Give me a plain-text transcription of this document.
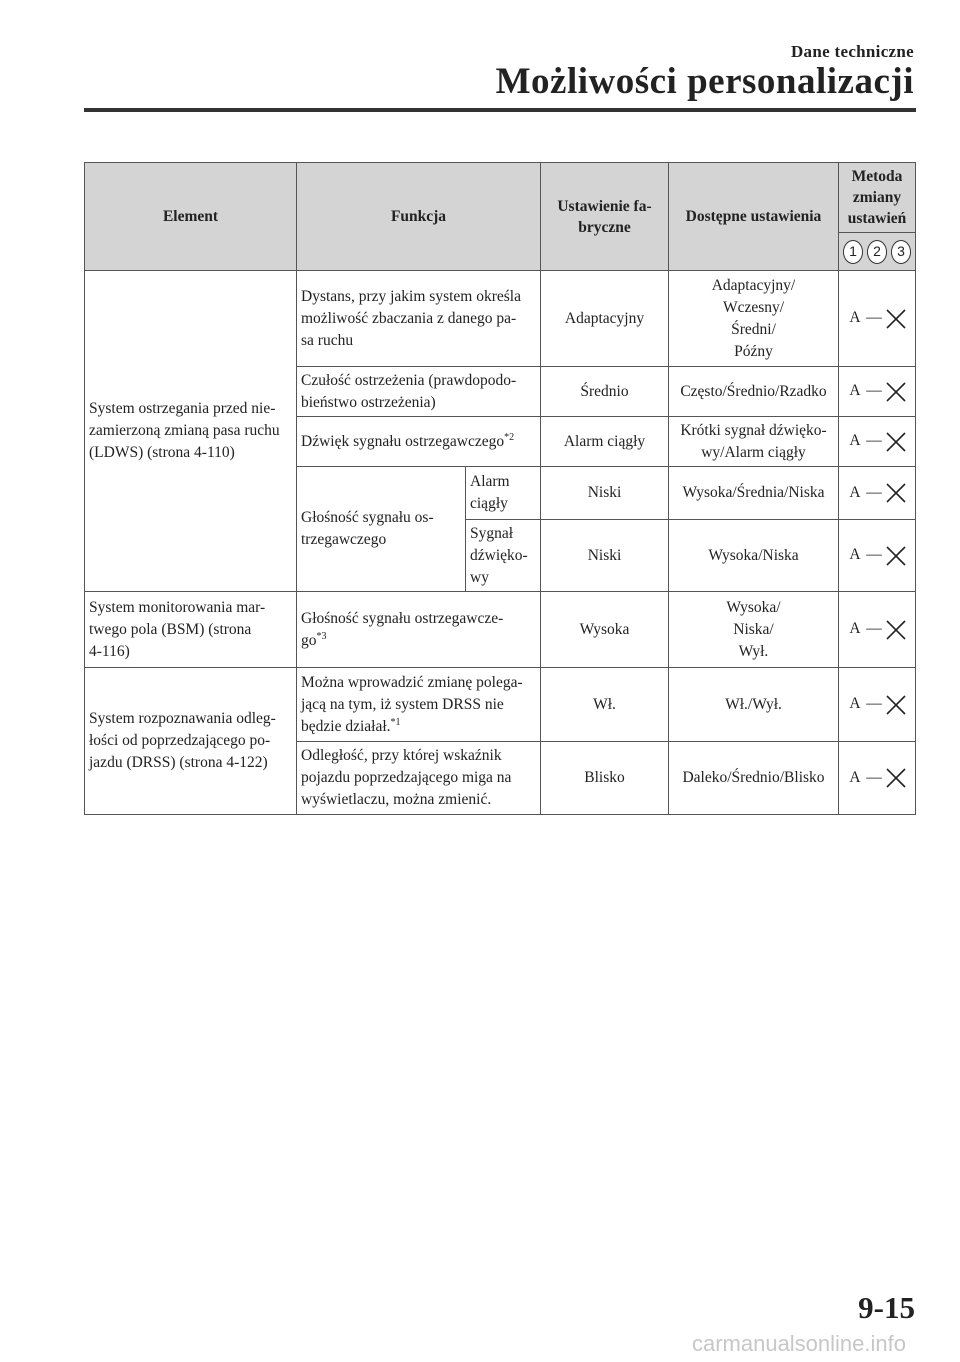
Dane techniczne
Możliwości personalizacji
Element	Funkcja		Ustawienie fa-
bryczne	Dostępne ustawienia	Metoda zmiany ustawień

1 2 3

System ostrzegania przed nie-
zamierzoną zmianą pasa ruchu
(LDWS) (strona 4-110)	Dystans, przy jakim system określa
możliwość zbaczania z danego pa-
sa ruchu		Adaptacyjny	Adaptacyjny/
Wczesny/
Średni/
Późny	A —

	Czułość ostrzeżenia (prawdopodo-
bieństwo ostrzeżenia)		Średnio	Często/Średnio/Rzadko	A —

	Dźwięk sygnału ostrzegawczego$^{*2}$		Alarm ciągły	Krótki sygnał dźwięko-
wy/Alarm ciągły	A —

	Głośność sygnału os-
trzegawczego	Alarm
ciągły	Niski	Wysoka/Średnia/Niska	A —

		Sygnał
dźwięko-
wy	Niski	Wysoka/Niska	A —

System monitorowania mar-
twego pola (BSM) (strona
4-116)	Głośność sygnału ostrzegawcze-
$go^{*3}$		Wysoka	Wysoka/
Niska/
Wył.	A —

System rozpoznawania odleg-
łości od poprzedzającego po-
jazdu (DRSS) (strona 4-122)	Można wprowadzić zmianę polega-
jącą na tym, iż system DRSS nie
będzie działał.$^{*1}$		Wł.	Wł./Wył.	A —

	Odległość, przy której wskaźnik
pojazdu poprzedzającego miga na
wyświetlaczu, można zmienić.		Blisko	Daleko/Średnio/Blisko	A —
9-15
carmanualsonline.info
